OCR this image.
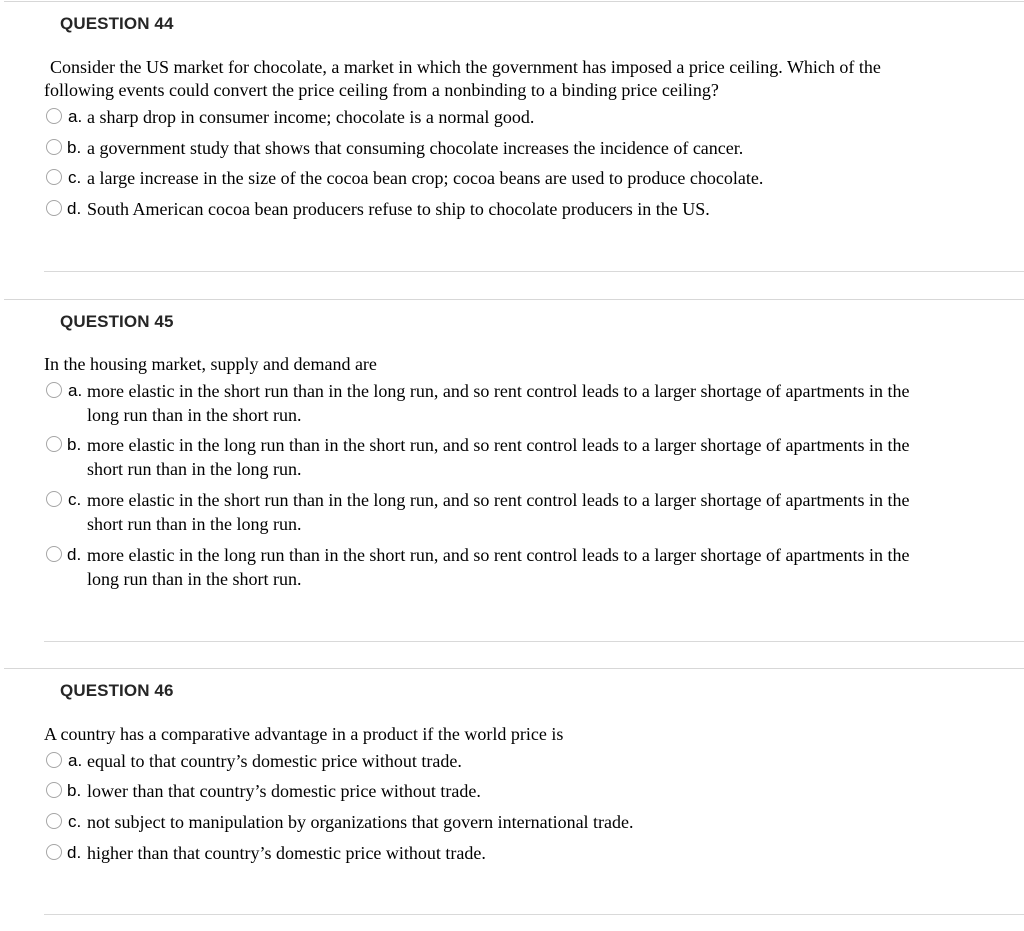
QUESTION 44

Consider the US market for chocolate, a market in which the government has imposed a price ceiling. Which of the

following events could convert the price ceiling from a nonbinding to a binding price ceiling?

a. a sharp drop in consumer income; chocolate is a normal good.
b. a government study that shows that consuming chocolate increases the incidence of cancer.
c. a large increase in the size of the cocoa bean crop; cocoa beans are used to produce chocolate.
d. South American cocoa bean producers refuse to ship to chocolate producers in the US.
QUESTION 45

In the housing market, supply and demand are

a. more elastic in the short run than in the long run, and so rent control leads to a larger shortage of apartments in the
long run than in the short run.
b. more elastic in the long run than in the short run, and so rent control leads to a larger shortage of apartments in the
short run than in the long run.
c. more elastic in the short run than in the long run, and so rent control leads to a larger shortage of apartments in the
short run than in the long run.
d. more elastic in the long run than in the short run, and so rent control leads to a larger shortage of apartments in the
long run than in the short run.
QUESTION 46

A country has a comparative advantage in a product if the world price is

a. equal to that country’s domestic price without trade.
b. lower than that country’s domestic price without trade.
c. not subject to manipulation by organizations that govern international trade.
d. higher than that country’s domestic price without trade.
